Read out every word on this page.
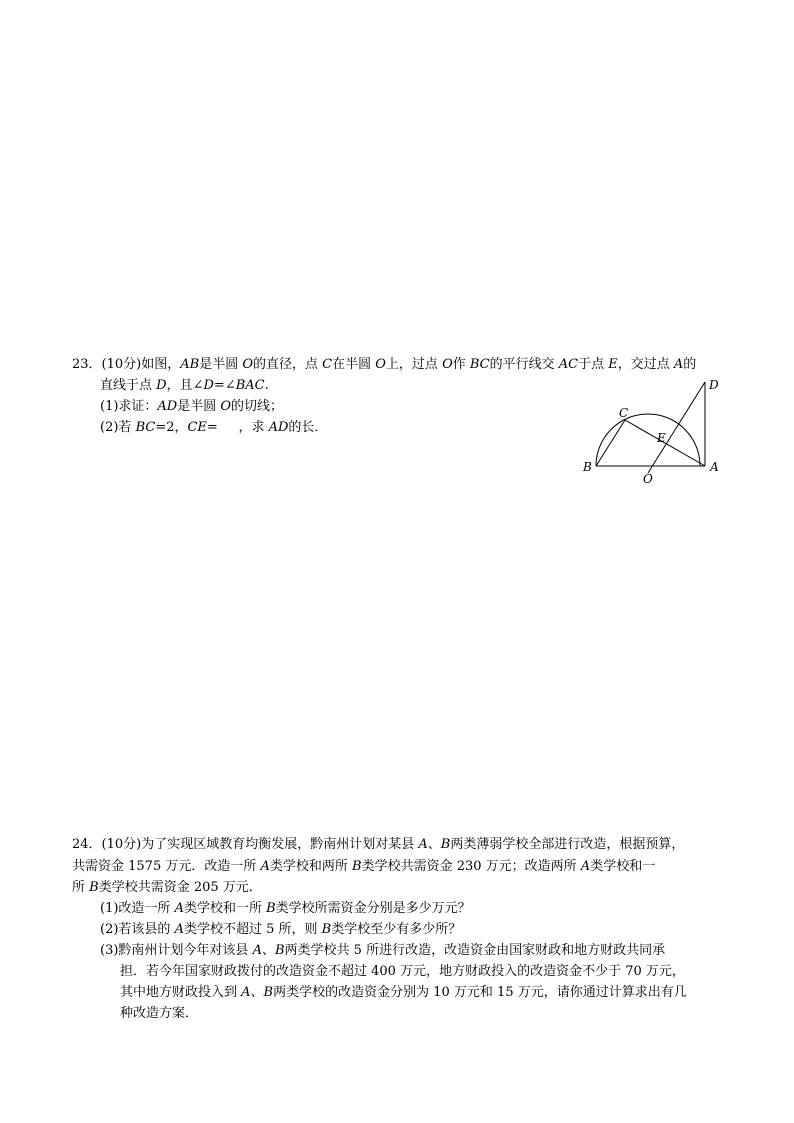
23．(10分)如图，AB是半圆 O的直径，点 C在半圆 O上，过点 O作 BC的平行线交 AC于点 E，交过点 A的
直线于点 D，且∠D=∠BAC.
(1)求证：AD是半圆 O的切线；
(2)若 BC=2，CE=     ，求 AD的长．
D
C
E
B	A
O
24．(10分)为了实现区域教育均衡发展，黔南州计划对某县 A、B两类薄弱学校全部进行改造，根据预算，
共需资金 1575 万元．改造一所 A类学校和两所 B类学校共需资金 230 万元；改造两所 A类学校和一
所 B类学校共需资金 205 万元．
(1)改造一所 A类学校和一所 B类学校所需资金分别是多少万元？
(2)若该县的 A类学校不超过 5 所，则 B类学校至少有多少所？
(3)黔南州计划今年对该县 A、B两类学校共 5 所进行改造，改造资金由国家财政和地方财政共同承
担．若今年国家财政拨付的改造资金不超过 400 万元，地方财政投入的改造资金不少于 70 万元，
其中地方财政投入到 A、B两类学校的改造资金分别为 10 万元和 15 万元，请你通过计算求出有几
种改造方案．
